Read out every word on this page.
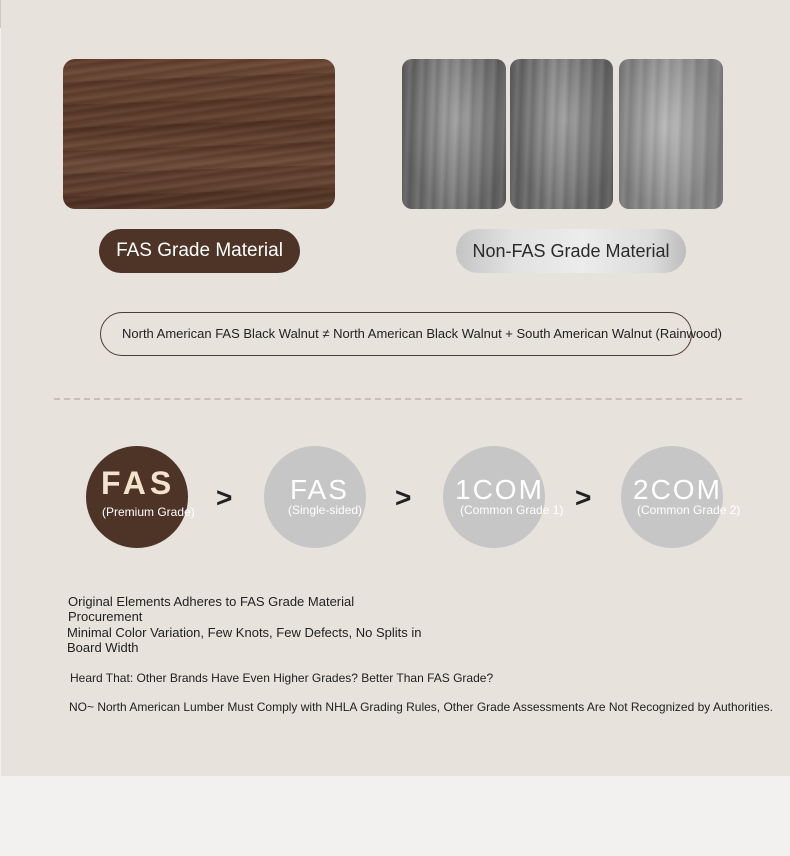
FAS Grade Material	Non-FAS Grade Material
North American FAS Black Walnut ≠ North American Black Walnut + South American Walnut (Rainwood)
FAS
(Premium Grade) > FAS
(Single-sided) > 1COM
(Common Grade 1) > 2COM
(Common Grade 2)
Original Elements Adheres to FAS Grade Material
Procurement
Minimal Color Variation, Few Knots, Few Defects, No Splits in
Board Width
Heard That: Other Brands Have Even Higher Grades? Better Than FAS Grade?
NO~ North American Lumber Must Comply with NHLA Grading Rules, Other Grade Assessments Are Not Recognized by Authorities.
